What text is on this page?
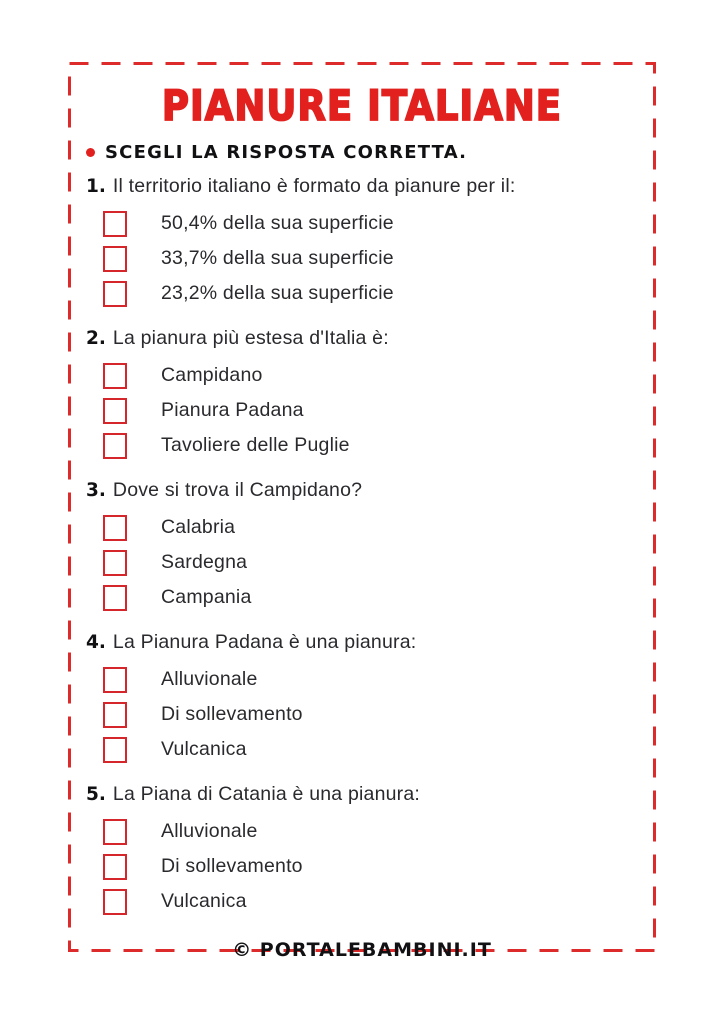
PIANURE ITALIANE
SCEGLI LA RISPOSTA CORRETTA.
1. Il territorio italiano è formato da pianure per il:
50,4% della sua superficie
33,7% della sua superficie
23,2% della sua superficie
2. La pianura più estesa d'Italia è:
Campidano
Pianura Padana
Tavoliere delle Puglie
3. Dove si trova il Campidano?
Calabria
Sardegna
Campania
4. La Pianura Padana è una pianura:
Alluvionale
Di sollevamento
Vulcanica
5. La Piana di Catania è una pianura:
Alluvionale
Di sollevamento
Vulcanica
© PORTALEBAMBINI.IT
